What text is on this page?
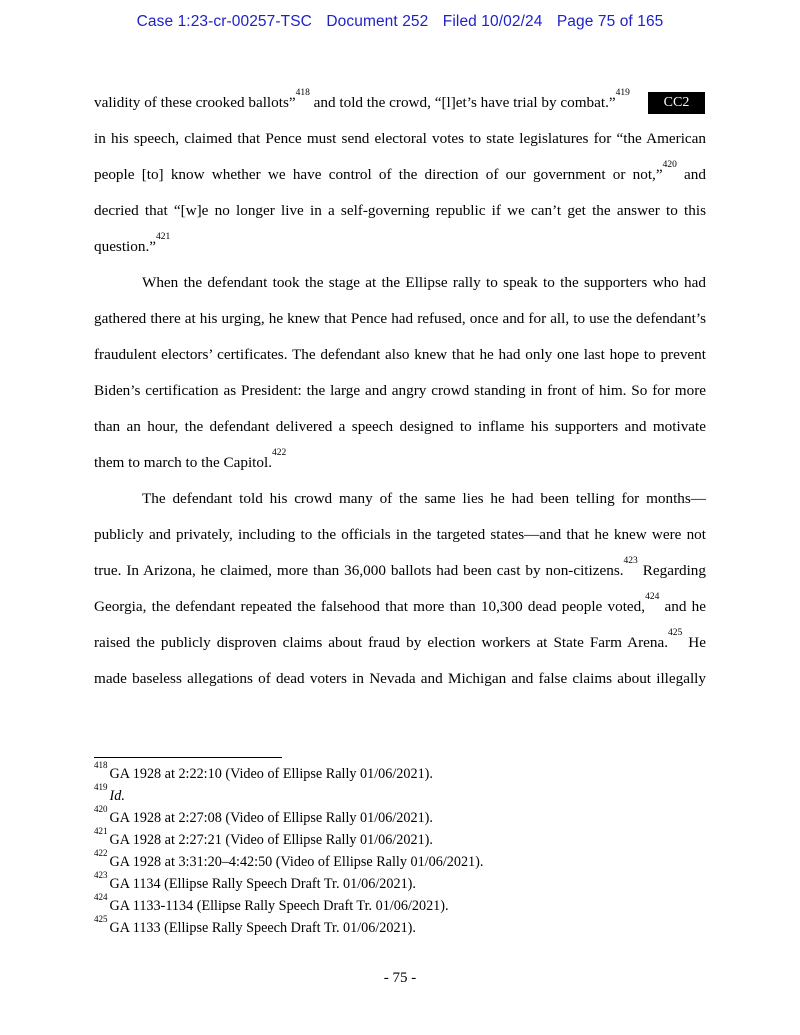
Case 1:23-cr-00257-TSC Document 252 Filed 10/02/24 Page 75 of 165
validity of these crooked ballots”$^{418}$ and told the crowd, “[l]et’s have trial by combat.”$^{419}$
in his speech, claimed that Pence must send electoral votes to state legislatures for “the American
people [to] know whether we have control of the direction of our government or not,”$^{420}$ and
decried that “[w]e no longer live in a self-governing republic if we can’t get the answer to this
question.”$^{421}$
When the defendant took the stage at the Ellipse rally to speak to the supporters who had
gathered there at his urging, he knew that Pence had refused, once and for all, to use the defendant’s
fraudulent electors’ certificates. The defendant also knew that he had only one last hope to prevent
Biden’s certification as President: the large and angry crowd standing in front of him. So for more
than an hour, the defendant delivered a speech designed to inflame his supporters and motivate
them to march to the Capitol.$^{422}$
The defendant told his crowd many of the same lies he had been telling for months—
publicly and privately, including to the officials in the targeted states—and that he knew were not
true. In Arizona, he claimed, more than 36,000 ballots had been cast by non-citizens.$^{423}$ Regarding
Georgia, the defendant repeated the falsehood that more than 10,300 dead people voted,$^{424}$ and he
raised the publicly disproven claims about fraud by election workers at State Farm Arena.$^{425}$ He
made baseless allegations of dead voters in Nevada and Michigan and false claims about illegally
CC2
$^{418}$GA 1928 at 2:22:10 (Video of Ellipse Rally 01/06/2021).
$^{419}$Id.
$^{420}$GA 1928 at 2:27:08 (Video of Ellipse Rally 01/06/2021).
$^{421}$GA 1928 at 2:27:21 (Video of Ellipse Rally 01/06/2021).
$^{422}$GA 1928 at 3:31:20–4:42:50 (Video of Ellipse Rally 01/06/2021).
$^{423}$GA 1134 (Ellipse Rally Speech Draft Tr. 01/06/2021).
$^{424}$GA 1133-1134 (Ellipse Rally Speech Draft Tr. 01/06/2021).
$^{425}$GA 1133 (Ellipse Rally Speech Draft Tr. 01/06/2021).
- 75 -
